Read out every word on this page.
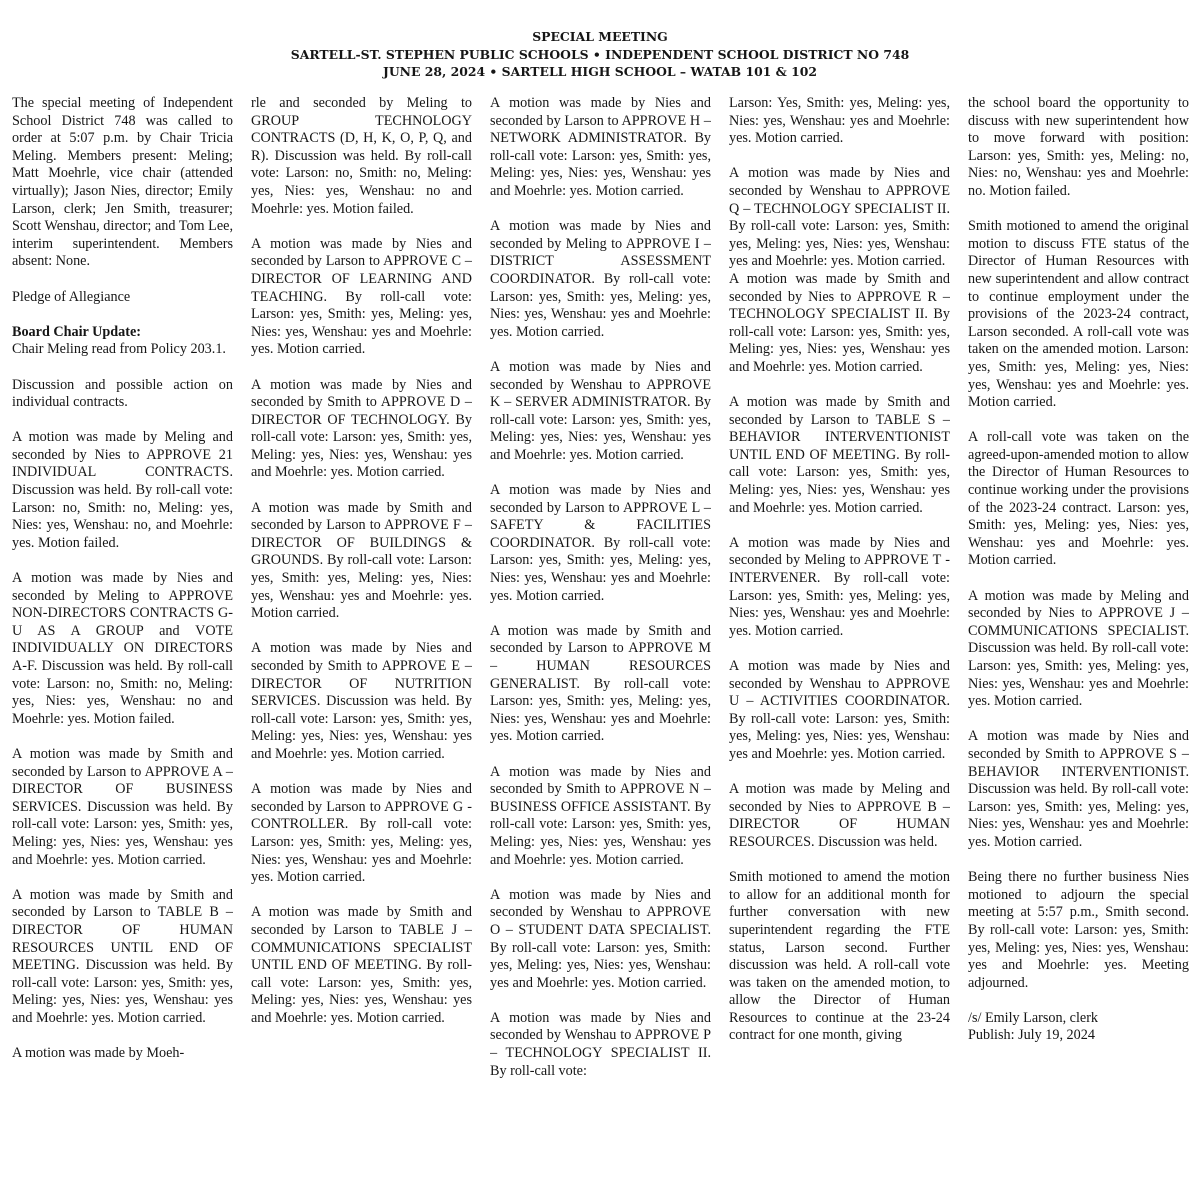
SPECIAL MEETING
SARTELL-ST. STEPHEN PUBLIC SCHOOLS • INDEPENDENT SCHOOL DISTRICT NO 748
JUNE 28, 2024 • SARTELL HIGH SCHOOL – WATAB 101 & 102

The special meeting of Independent School District 748 was called to order at 5:07 p.m. by Chair Tricia Meling. Members present: Meling; Matt Moehrle, vice chair (attended virtually); Jason Nies, director; Emily Larson, clerk; Jen Smith, treasurer; Scott Wenshau, director; and Tom Lee, interim superintendent. Members absent: None.

Pledge of Allegiance

Board Chair Update:
Chair Meling read from Policy 203.1.

Discussion and possible action on individual contracts.

A motion was made by Meling and seconded by Nies to APPROVE 21 INDIVIDUAL CONTRACTS. Discussion was held. By roll-call vote: Larson: no, Smith: no, Meling: yes, Nies: yes, Wenshau: no, and Moehrle: yes. Motion failed.

A motion was made by Nies and seconded by Meling to APPROVE NON-DIRECTORS CONTRACTS G-U AS A GROUP and VOTE INDIVIDUALLY ON DIRECTORS A-F. Discussion was held. By roll-call vote: Larson: no, Smith: no, Meling: yes, Nies: yes, Wenshau: no and Moehrle: yes. Motion failed.

A motion was made by Smith and seconded by Larson to APPROVE A – DIRECTOR OF BUSINESS SERVICES. Discussion was held. By roll-call vote: Larson: yes, Smith: yes, Meling: yes, Nies: yes, Wenshau: yes and Moehrle: yes. Motion carried.

A motion was made by Smith and seconded by Larson to TABLE B – DIRECTOR OF HUMAN RESOURCES UNTIL END OF MEETING. Discussion was held. By roll-call vote: Larson: yes, Smith: yes, Meling: yes, Nies: yes, Wenshau: yes and Moehrle: yes. Motion carried.

A motion was made by Moeh-

rle and seconded by Meling to GROUP TECHNOLOGY CONTRACTS (D, H, K, O, P, Q, and R). Discussion was held. By roll-call vote: Larson: no, Smith: no, Meling: yes, Nies: yes, Wenshau: no and Moehrle: yes. Motion failed.

A motion was made by Nies and seconded by Larson to APPROVE C – DIRECTOR OF LEARNING AND TEACHING. By roll-call vote: Larson: yes, Smith: yes, Meling: yes, Nies: yes, Wenshau: yes and Moehrle: yes. Motion carried.

A motion was made by Nies and seconded by Smith to APPROVE D – DIRECTOR OF TECHNOLOGY. By roll-call vote: Larson: yes, Smith: yes, Meling: yes, Nies: yes, Wenshau: yes and Moehrle: yes. Motion carried.

A motion was made by Smith and seconded by Larson to APPROVE F – DIRECTOR OF BUILDINGS & GROUNDS. By roll-call vote: Larson: yes, Smith: yes, Meling: yes, Nies: yes, Wenshau: yes and Moehrle: yes. Motion carried.

A motion was made by Nies and seconded by Smith to APPROVE E – DIRECTOR OF NUTRITION SERVICES. Discussion was held. By roll-call vote: Larson: yes, Smith: yes, Meling: yes, Nies: yes, Wenshau: yes and Moehrle: yes. Motion carried.

A motion was made by Nies and seconded by Larson to APPROVE G - CONTROLLER. By roll-call vote: Larson: yes, Smith: yes, Meling: yes, Nies: yes, Wenshau: yes and Moehrle: yes. Motion carried.

A motion was made by Smith and seconded by Larson to TABLE J – COMMUNICATIONS SPECIALIST UNTIL END OF MEETING. By roll-call vote: Larson: yes, Smith: yes, Meling: yes, Nies: yes, Wenshau: yes and Moehrle: yes. Motion carried.

A motion was made by Nies and seconded by Larson to APPROVE H – NETWORK ADMINISTRATOR. By roll-call vote: Larson: yes, Smith: yes, Meling: yes, Nies: yes, Wenshau: yes and Moehrle: yes. Motion carried.

A motion was made by Nies and seconded by Meling to APPROVE I – DISTRICT ASSESSMENT COORDINATOR. By roll-call vote: Larson: yes, Smith: yes, Meling: yes, Nies: yes, Wenshau: yes and Moehrle: yes. Motion carried.

A motion was made by Nies and seconded by Wenshau to APPROVE K – SERVER ADMINISTRATOR. By roll-call vote: Larson: yes, Smith: yes, Meling: yes, Nies: yes, Wenshau: yes and Moehrle: yes. Motion carried.

A motion was made by Nies and seconded by Larson to APPROVE L – SAFETY & FACILITIES COORDINATOR. By roll-call vote: Larson: yes, Smith: yes, Meling: yes, Nies: yes, Wenshau: yes and Moehrle: yes. Motion carried.

A motion was made by Smith and seconded by Larson to APPROVE M – HUMAN RESOURCES GENERALIST. By roll-call vote: Larson: yes, Smith: yes, Meling: yes, Nies: yes, Wenshau: yes and Moehrle: yes. Motion carried.

A motion was made by Nies and seconded by Smith to APPROVE N – BUSINESS OFFICE ASSISTANT. By roll-call vote: Larson: yes, Smith: yes, Meling: yes, Nies: yes, Wenshau: yes and Moehrle: yes. Motion carried.

A motion was made by Nies and seconded by Wenshau to APPROVE O – STUDENT DATA SPECIALIST. By roll-call vote: Larson: yes, Smith: yes, Meling: yes, Nies: yes, Wenshau: yes and Moehrle: yes. Motion carried.

A motion was made by Nies and seconded by Wenshau to APPROVE P – TECHNOLOGY SPECIALIST II. By roll-call vote:

Larson: Yes, Smith: yes, Meling: yes, Nies: yes, Wenshau: yes and Moehrle: yes. Motion carried.

A motion was made by Nies and seconded by Wenshau to APPROVE Q – TECHNOLOGY SPECIALIST II. By roll-call vote: Larson: yes, Smith: yes, Meling: yes, Nies: yes, Wenshau: yes and Moehrle: yes. Motion carried.

A motion was made by Smith and seconded by Nies to APPROVE R – TECHNOLOGY SPECIALIST II. By roll-call vote: Larson: yes, Smith: yes, Meling: yes, Nies: yes, Wenshau: yes and Moehrle: yes. Motion carried.

A motion was made by Smith and seconded by Larson to TABLE S – BEHAVIOR INTERVENTIONIST UNTIL END OF MEETING. By roll-call vote: Larson: yes, Smith: yes, Meling: yes, Nies: yes, Wenshau: yes and Moehrle: yes. Motion carried.

A motion was made by Nies and seconded by Meling to APPROVE T - INTERVENER. By roll-call vote: Larson: yes, Smith: yes, Meling: yes, Nies: yes, Wenshau: yes and Moehrle: yes. Motion carried.

A motion was made by Nies and seconded by Wenshau to APPROVE U – ACTIVITIES COORDINATOR. By roll-call vote: Larson: yes, Smith: yes, Meling: yes, Nies: yes, Wenshau: yes and Moehrle: yes. Motion carried.

A motion was made by Meling and seconded by Nies to APPROVE B – DIRECTOR OF HUMAN RESOURCES. Discussion was held.

Smith motioned to amend the motion to allow for an additional month for further conversation with new superintendent regarding the FTE status, Larson second. Further discussion was held. A roll-call vote was taken on the amended motion, to allow the Director of Human Resources to continue at the 23-24 contract for one month, giving

the school board the opportunity to discuss with new superintendent how to move forward with position: Larson: yes, Smith: yes, Meling: no, Nies: no, Wenshau: yes and Moehrle: no. Motion failed.

Smith motioned to amend the original motion to discuss FTE status of the Director of Human Resources with new superintendent and allow contract to continue employment under the provisions of the 2023-24 contract, Larson seconded. A roll-call vote was taken on the amended motion. Larson: yes, Smith: yes, Meling: yes, Nies: yes, Wenshau: yes and Moehrle: yes. Motion carried.

A roll-call vote was taken on the agreed-upon-amended motion to allow the Director of Human Resources to continue working under the provisions of the 2023-24 contract. Larson: yes, Smith: yes, Meling: yes, Nies: yes, Wenshau: yes and Moehrle: yes. Motion carried.

A motion was made by Meling and seconded by Nies to APPROVE J – COMMUNICATIONS SPECIALIST. Discussion was held. By roll-call vote: Larson: yes, Smith: yes, Meling: yes, Nies: yes, Wenshau: yes and Moehrle: yes. Motion carried.

A motion was made by Nies and seconded by Smith to APPROVE S – BEHAVIOR INTERVENTIONIST. Discussion was held. By roll-call vote: Larson: yes, Smith: yes, Meling: yes, Nies: yes, Wenshau: yes and Moehrle: yes. Motion carried.

Being there no further business Nies motioned to adjourn the special meeting at 5:57 p.m., Smith second. By roll-call vote: Larson: yes, Smith: yes, Meling: yes, Nies: yes, Wenshau: yes and Moehrle: yes. Meeting adjourned.

/s/ Emily Larson, clerk

Publish: July 19, 2024
